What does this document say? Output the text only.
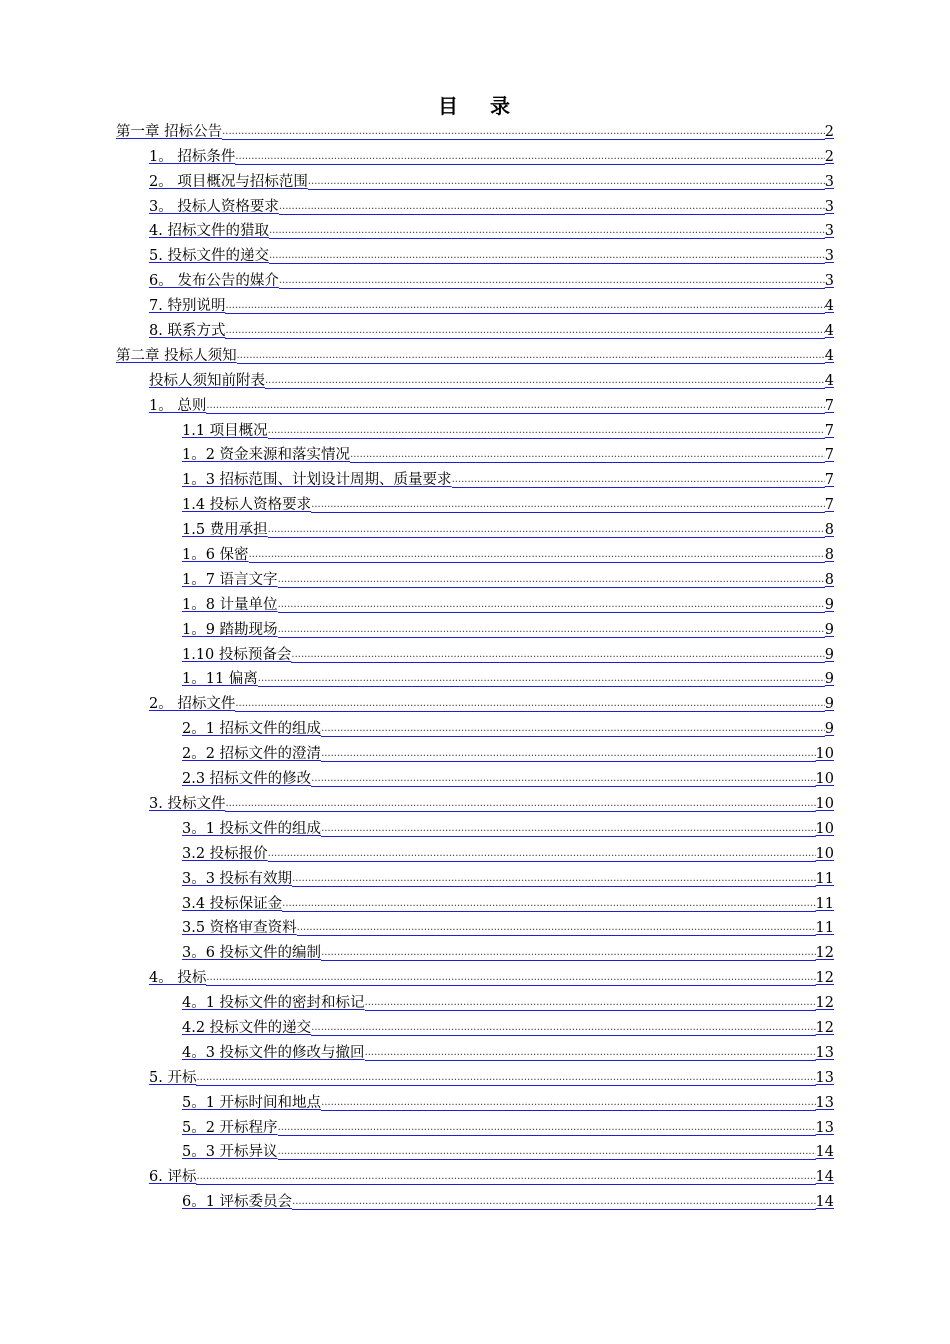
目 录
第一章 招标公告 .....	2
1。 招标条件 .....	2
2。 项目概况与招标范围 .....	3
3。 投标人资格要求 .....	3
4. 招标文件的猎取 .....	3
5. 投标文件的递交 .....	3
6。 发布公告的媒介 .....	3
7. 特别说明 .....	4
8. 联系方式 .....	4
第二章 投标人须知 .....	4
投标人须知前附表 .....	4
1。 总则 .....	7
1.1 项目概况 .....	7
1。2 资金来源和落实情况 .....	7
1。3 招标范围、计划设计周期、质量要求 .....	7
1.4 投标人资格要求 .....	7
1.5 费用承担 .....	8
1。6 保密 .....	8
1。7 语言文字 .....	8
1。8 计量单位 .....	9
1。9 踏勘现场 .....	9
1.10 投标预备会 .....	9
1。11 偏离 .....	9
2。 招标文件 .....	9
2。1 招标文件的组成 .....	9
2。2 招标文件的澄清 .....	10
2.3 招标文件的修改 .....	10
3. 投标文件 .....	10
3。1 投标文件的组成 .....	10
3.2 投标报价 .....	10
3。3 投标有效期 .....	11
3.4 投标保证金 .....	11
3.5 资格审查资料 .....	11
3。6 投标文件的编制 .....	12
4。 投标 .....	12
4。1 投标文件的密封和标记 .....	12
4.2 投标文件的递交 .....	12
4。3 投标文件的修改与撤回 .....	13
5. 开标 .....	13
5。1 开标时间和地点 .....	13
5。2 开标程序 .....	13
5。3 开标异议 .....	14
6. 评标 .....	14
6。1 评标委员会 .....	14
